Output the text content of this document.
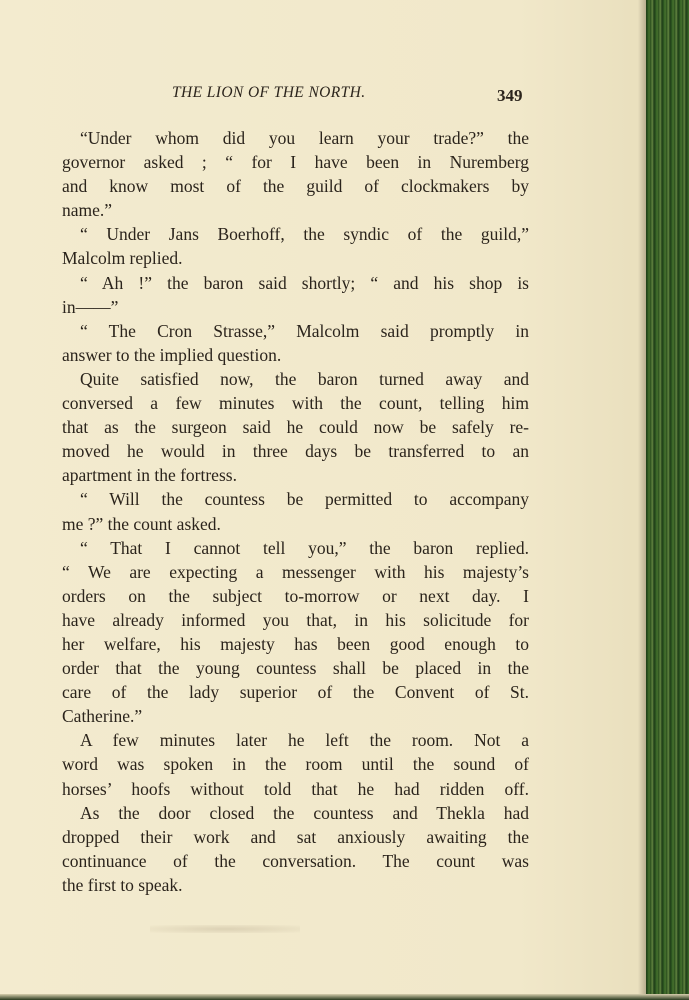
THE LION OF THE NORTH.	349
“Under whom did you learn your trade?” the
governor asked ; “ for I have been in Nuremberg
and know most of the guild of clockmakers by
name.”
“ Under Jans Boerhoff, the syndic of the guild,”
Malcolm replied.
“ Ah !” the baron said shortly; “ and his shop is
in——”
“ The Cron Strasse,” Malcolm said promptly in
answer to the implied question.
Quite satisfied now, the baron turned away and
conversed a few minutes with the count, telling him
that as the surgeon said he could now be safely re-
moved he would in three days be transferred to an
apartment in the fortress.
“ Will the countess be permitted to accompany
me ?” the count asked.
“ That I cannot tell you,” the baron replied.
“ We are expecting a messenger with his majesty’s
orders on the subject to-morrow or next day. I
have already informed you that, in his solicitude for
her welfare, his majesty has been good enough to
order that the young countess shall be placed in the
care of the lady superior of the Convent of St.
Catherine.”
A few minutes later he left the room. Not a
word was spoken in the room until the sound of
horses’ hoofs without told that he had ridden off.
As the door closed the countess and Thekla had
dropped their work and sat anxiously awaiting the
continuance of the conversation. The count was
the first to speak.
